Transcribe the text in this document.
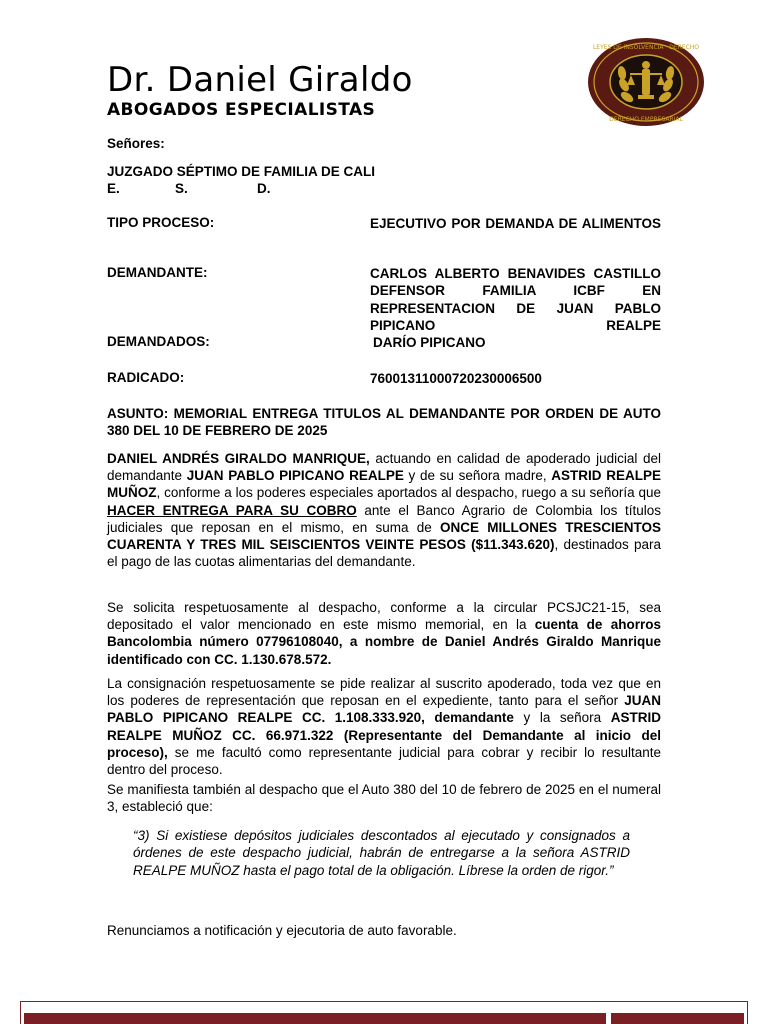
Dr. Daniel Giraldo
ABOGADOS ESPECIALISTAS
LEYES DE INSOLVENCIA · DERECHO
DERECHO EMPRESARIAL
Señores:
JUZGADO SÉPTIMO DE FAMILIA DE CALI
E.	S.	D.
TIPO PROCESO:	EJECUTIVO POR DEMANDA DE ALIMENTOS
DEMANDANTE:	CARLOS ALBERTO BENAVIDES CASTILLO DEFENSOR FAMILIA ICBF EN REPRESENTACION DE JUAN PABLO PIPICANO REALPE
DEMANDADOS:	DARÍO PIPICANO
RADICADO:	76001311000720230006500
ASUNTO: MEMORIAL ENTREGA TITULOS AL DEMANDANTE POR ORDEN DE AUTO 380 DEL 10 DE FEBRERO DE 2025
DANIEL ANDRÉS GIRALDO MANRIQUE, actuando en calidad de apoderado judicial del demandante JUAN PABLO PIPICANO REALPE y de su señora madre, ASTRID REALPE MUÑOZ, conforme a los poderes especiales aportados al despacho, ruego a su señoría que HACER ENTREGA PARA SU COBRO ante el Banco Agrario de Colombia los títulos judiciales que reposan en el mismo, en suma de ONCE MILLONES TRESCIENTOS CUARENTA Y TRES MIL SEISCIENTOS VEINTE PESOS ($11.343.620), destinados para el pago de las cuotas alimentarias del demandante.
Se solicita respetuosamente al despacho, conforme a la circular PCSJC21-15, sea depositado el valor mencionado en este mismo memorial, en la cuenta de ahorros Bancolombia número 07796108040, a nombre de Daniel Andrés Giraldo Manrique identificado con CC. 1.130.678.572.
La consignación respetuosamente se pide realizar al suscrito apoderado, toda vez que en los poderes de representación que reposan en el expediente, tanto para el señor JUAN PABLO PIPICANO REALPE CC. 1.108.333.920, demandante y la señora ASTRID REALPE MUÑOZ CC. 66.971.322 (Representante del Demandante al inicio del proceso), se me facultó como representante judicial para cobrar y recibir lo resultante dentro del proceso.
Se manifiesta también al despacho que el Auto 380 del 10 de febrero de 2025 en el numeral 3, estableció que:
“3) Si existiese depósitos judiciales descontados al ejecutado y consignados a órdenes de este despacho judicial, habrán de entregarse a la señora ASTRID REALPE MUÑOZ hasta el pago total de la obligación. Líbrese la orden de rigor.”
Renunciamos a notificación y ejecutoria de auto favorable.
